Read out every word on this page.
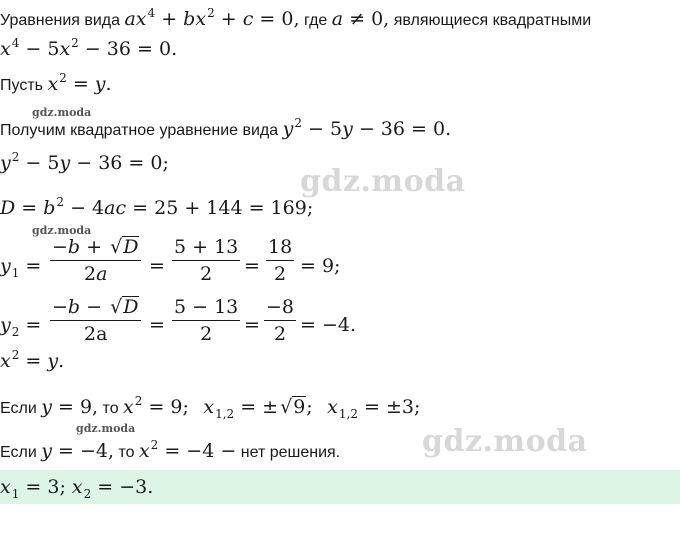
Уравнения вида $ax^4 + bx^2 + c = 0$, где a ≠ 0, являющиеся квадратными
$x^4 - 5x^2 - 36 = 0$.
Пусть $x^2 = y$.
gdz.moda
Получим квадратное уравнение вида $y^2 - 5y - 36 = 0$.
$y^2 - 5y - 36 = 0$;
gdz.moda
$D = b^2 - 4ac = 25 + 144 = 169$;
gdz.moda
$y_1$ =
−b + √D
2a =
5 + 13
2 =
18
2 = 9;
$y_2$ =
−b − √D
2a =
5 − 13
2 =
−8
2 = −4.
$x^2 = y$.
Если y = 9, то $x^2 = 9$; $x_{1,2}$ = ± √9; $x_{1,2} = \pm 3$;
gdz.moda	gdz.moda
Если y = −4, то $x^2 = -4$ − нет решения.
$x_1 = 3$; $x_2 = -3$.
